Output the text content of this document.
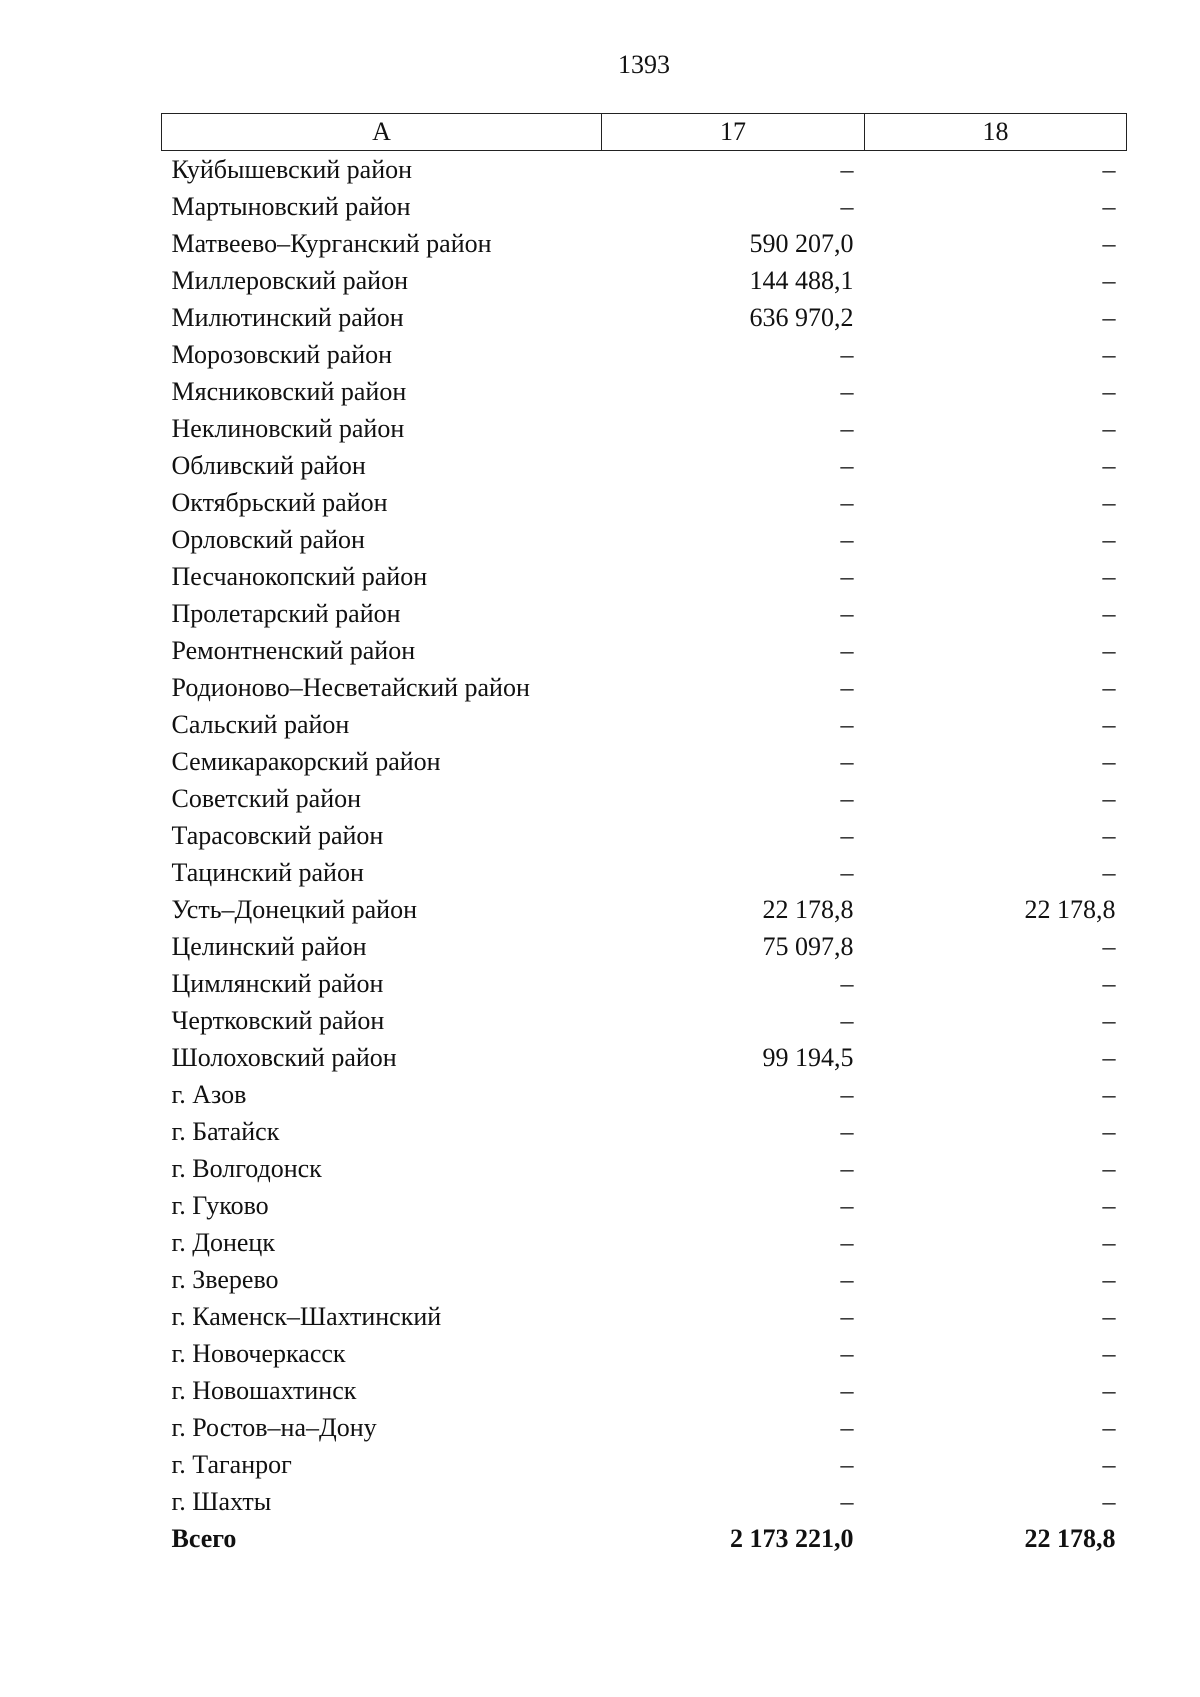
1393
А	17	18
Куйбышевский район	–	–
Мартыновский район	–	–
Матвеево–Курганский район	590 207,0	–
Миллеровский район	144 488,1	–
Милютинский район	636 970,2	–
Морозовский район	–	–
Мясниковский район	–	–
Неклиновский район	–	–
Обливский район	–	–
Октябрьский район	–	–
Орловский район	–	–
Песчанокопский район	–	–
Пролетарский район	–	–
Ремонтненский район	–	–
Родионово–Несветайский район	–	–
Сальский район	–	–
Семикаракорский район	–	–
Советский район	–	–
Тарасовский район	–	–
Тацинский район	–	–
Усть–Донецкий район	22 178,8	22 178,8
Целинский район	75 097,8	–
Цимлянский район	–	–
Чертковский район	–	–
Шолоховский район	99 194,5	–
г. Азов	–	–
г. Батайск	–	–
г. Волгодонск	–	–
г. Гуково	–	–
г. Донецк	–	–
г. Зверево	–	–
г. Каменск–Шахтинский	–	–
г. Новочеркасск	–	–
г. Новошахтинск	–	–
г. Ростов–на–Дону	–	–
г. Таганрог	–	–
г. Шахты	–	–
Всего	2 173 221,0	22 178,8
